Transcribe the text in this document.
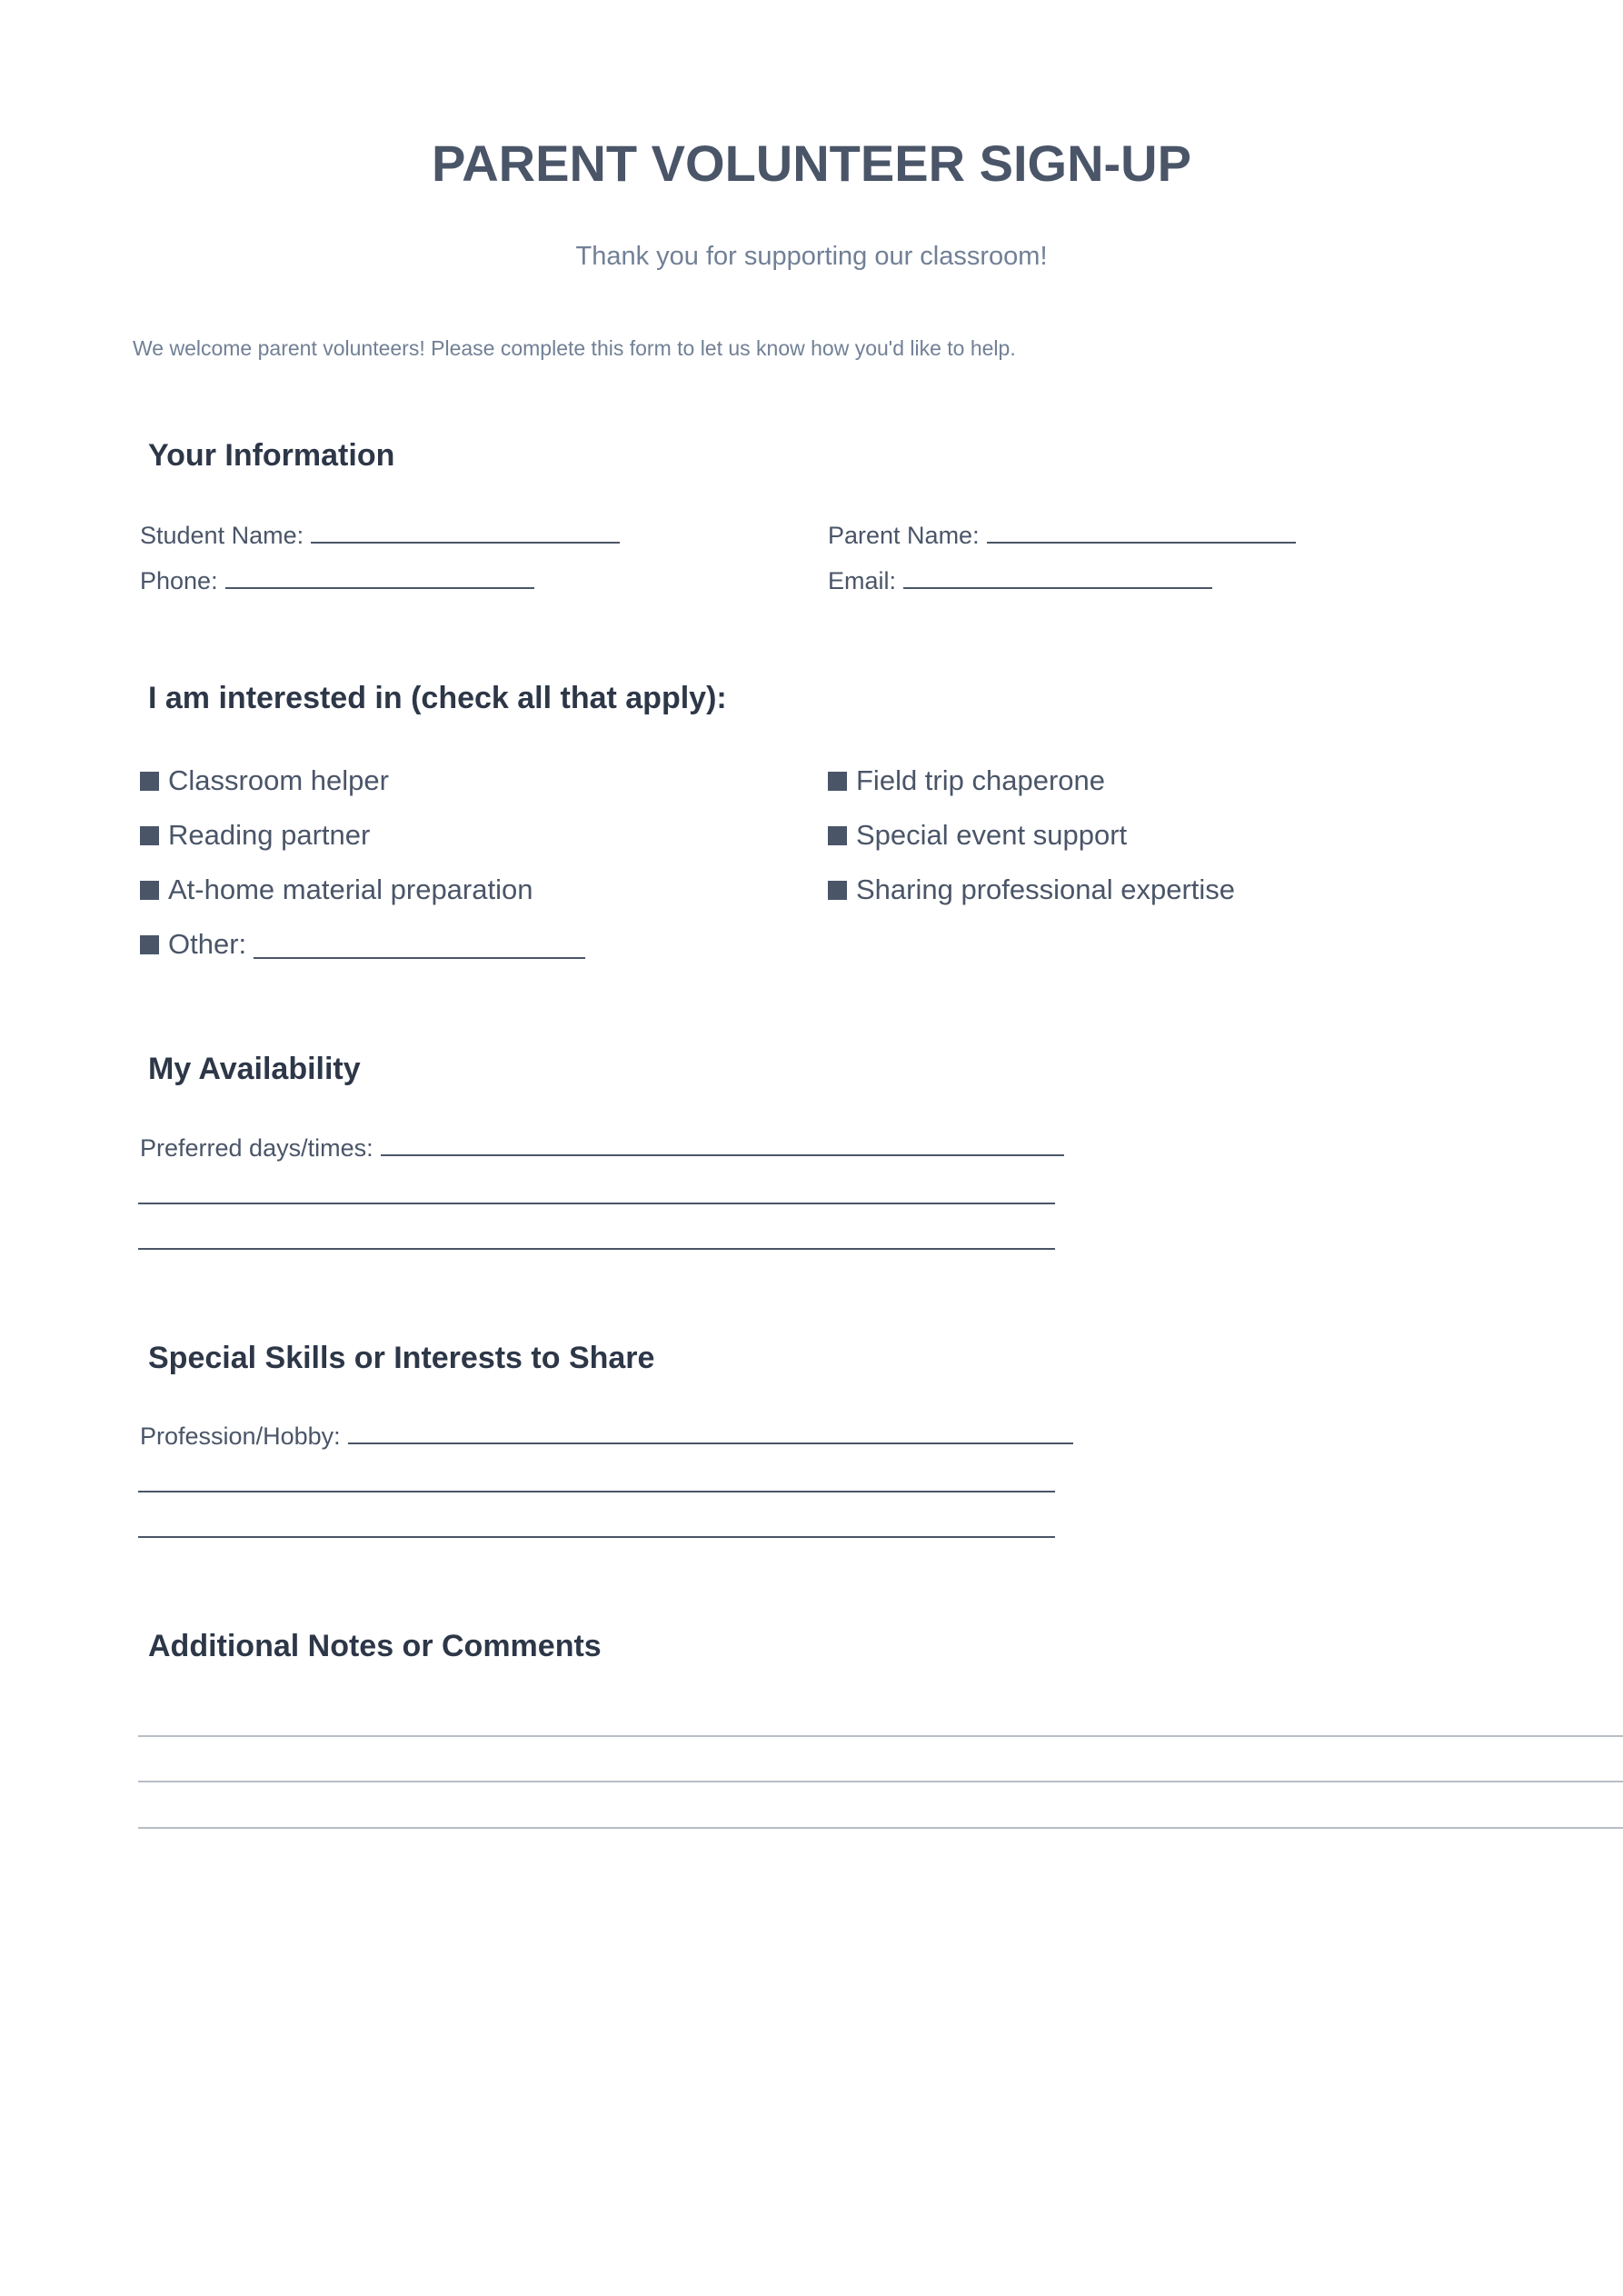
PARENT VOLUNTEER SIGN-UP

Thank you for supporting our classroom!

We welcome parent volunteers! Please complete this form to let us know how you'd like to help.

Your Information
Student Name:	Parent Name:
Phone:	Email:
I am interested in (check all that apply):
Classroom helper	Field trip chaperone
Reading partner	Special event support
At-home material preparation	Sharing professional expertise
Other:
My Availability
Preferred days/times:
Special Skills or Interests to Share
Profession/Hobby:
Additional Notes or Comments
